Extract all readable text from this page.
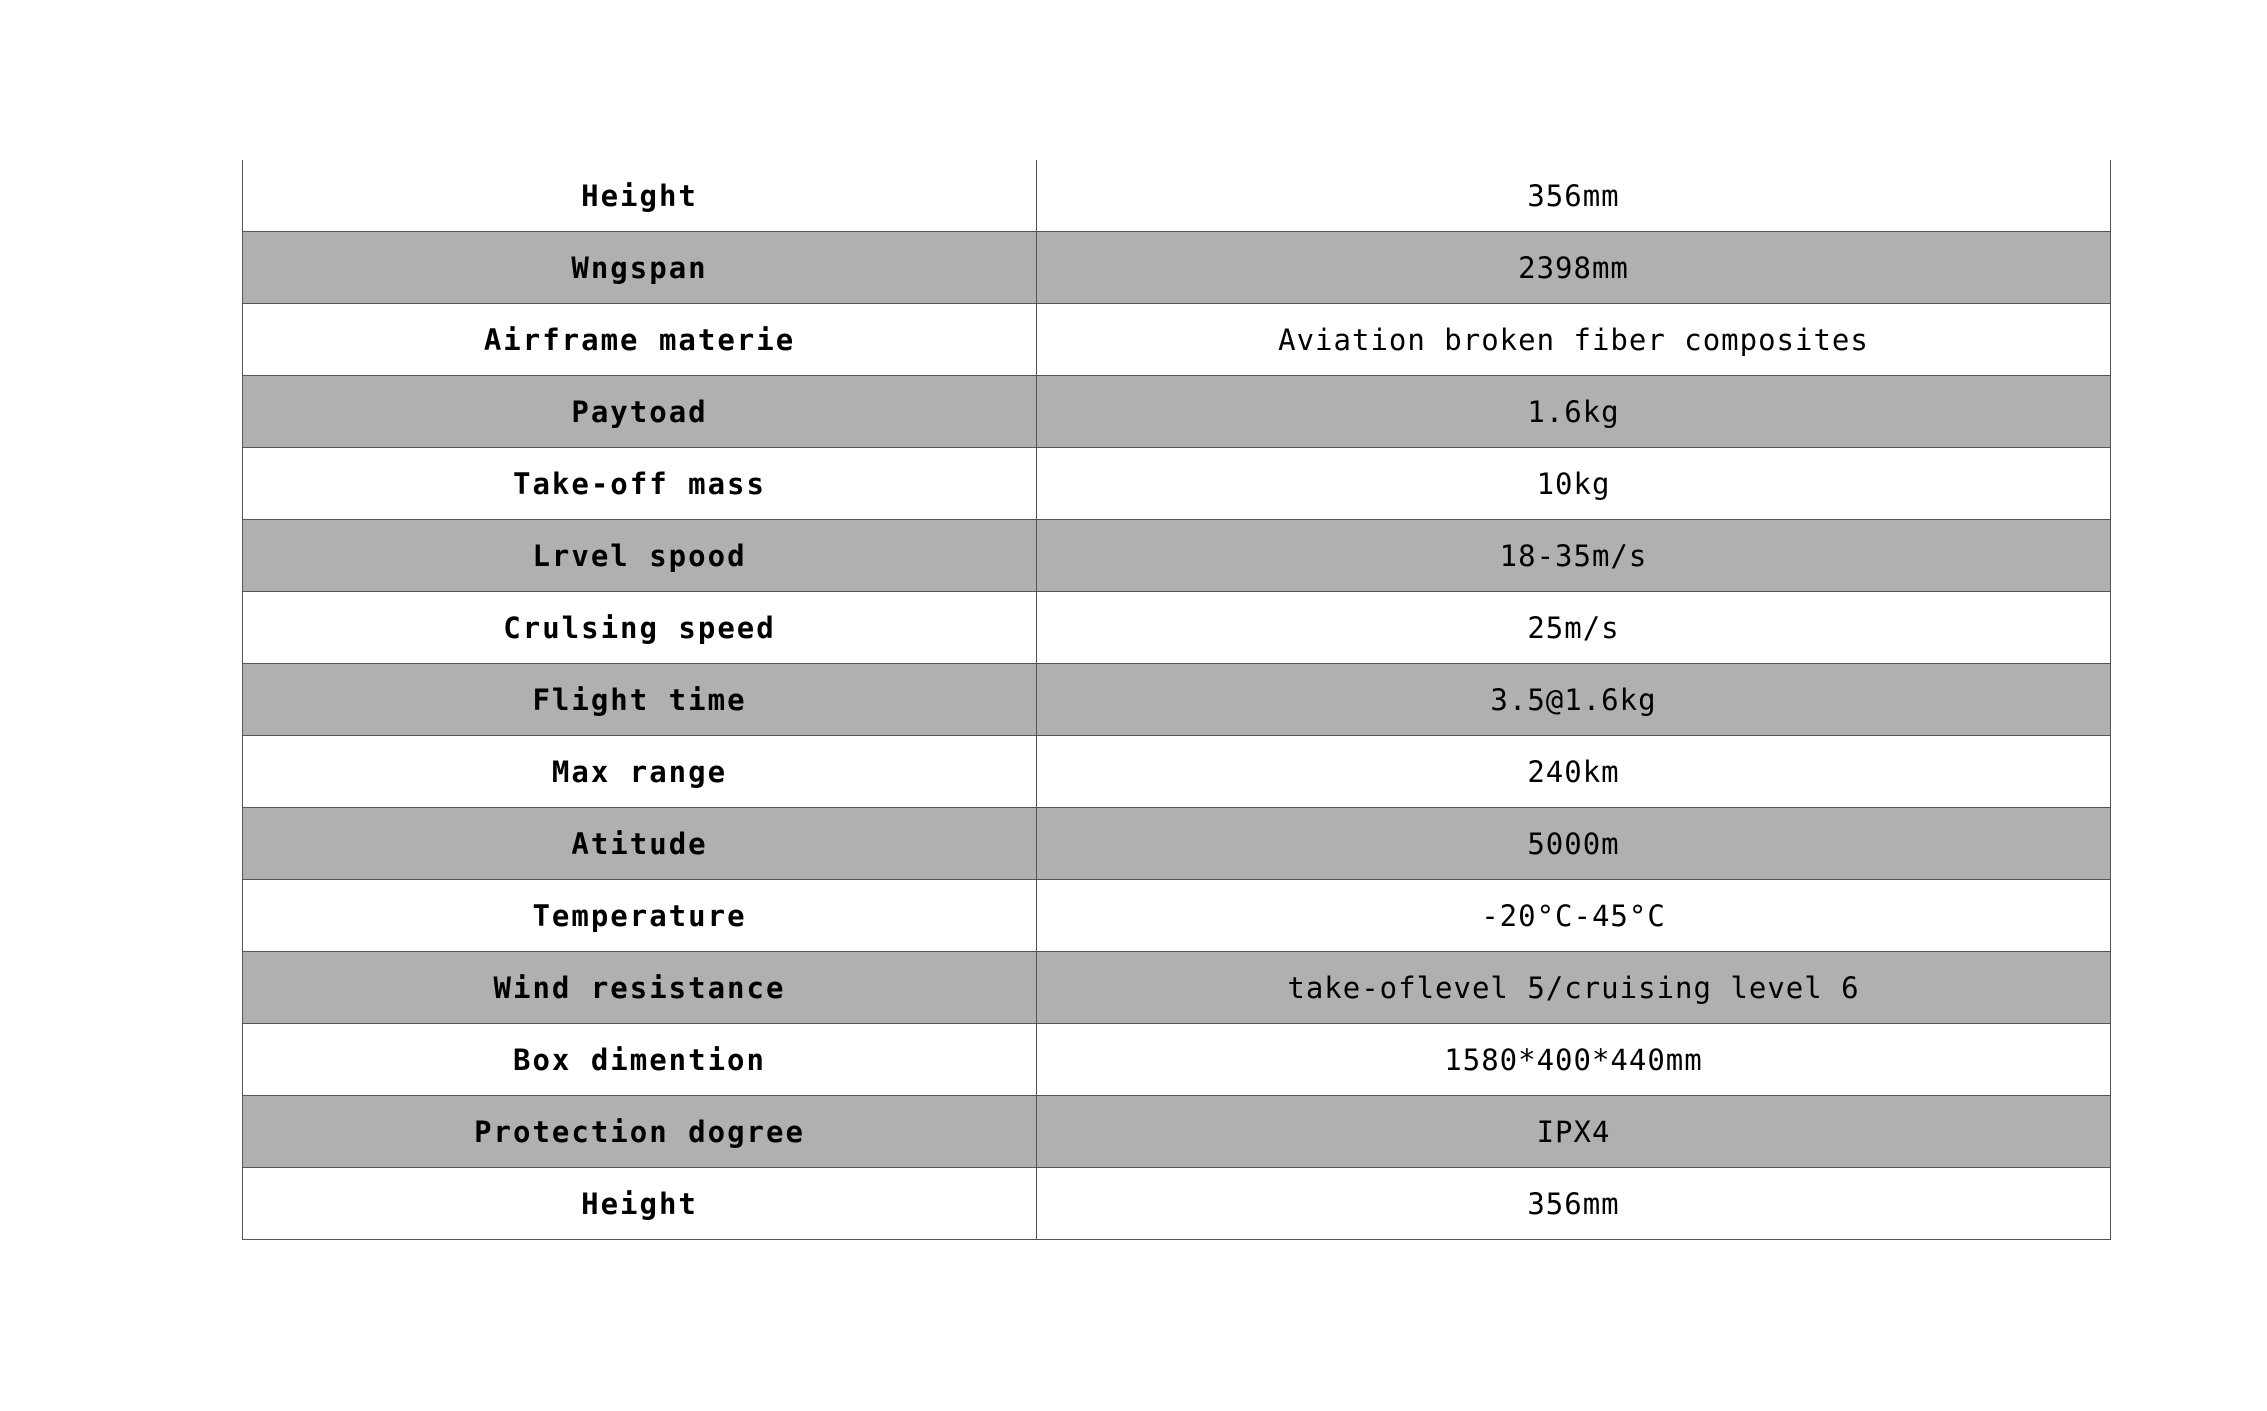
Height	356mm
Wngspan	2398mm
Airframe materie	Aviation broken fiber composites
Paytoad	1.6kg
Take-off mass	10kg
Lrvel spood	18-35m/s
Crulsing speed	25m/s
Flight time	3.5@1.6kg
Max range	240km
Atitude	5000m
Temperature	-20°C-45°C
Wind resistance	take-oflevel 5/cruising level 6
Box dimention	1580*400*440mm
Protection dogree	IPX4
Height	356mm
